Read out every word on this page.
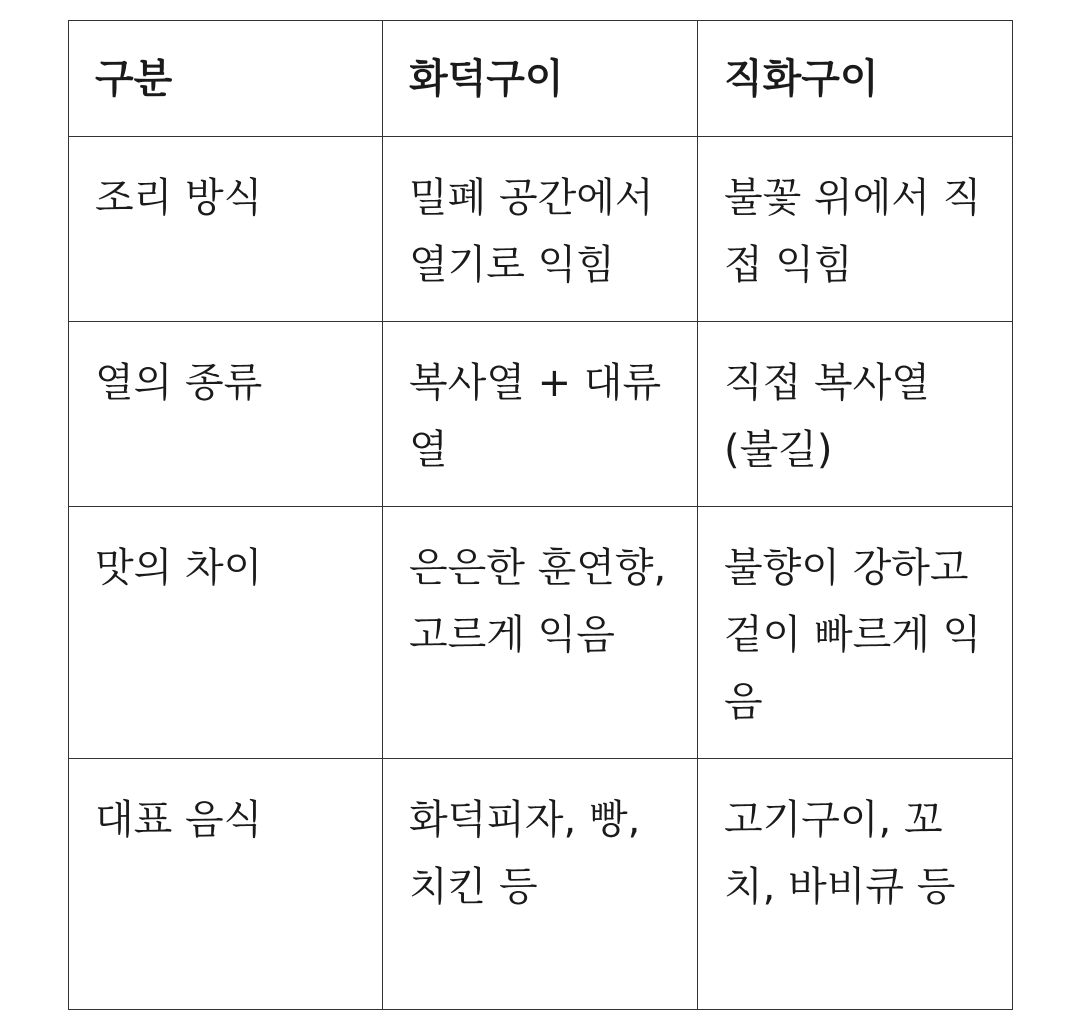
구분	화덕구이	직화구이
조리 방식	밀폐 공간에서 열기로 익힘	불꽃 위에서 직접 익힘
열의 종류	복사열 + 대류열	직접 복사열 (불길)
맛의 차이	은은한 훈연향, 고르게 익음	불향이 강하고 겉이 빠르게 익음
대표 음식	화덕피자, 빵, 치킨 등	고기구이, 꼬치, 바비큐 등
